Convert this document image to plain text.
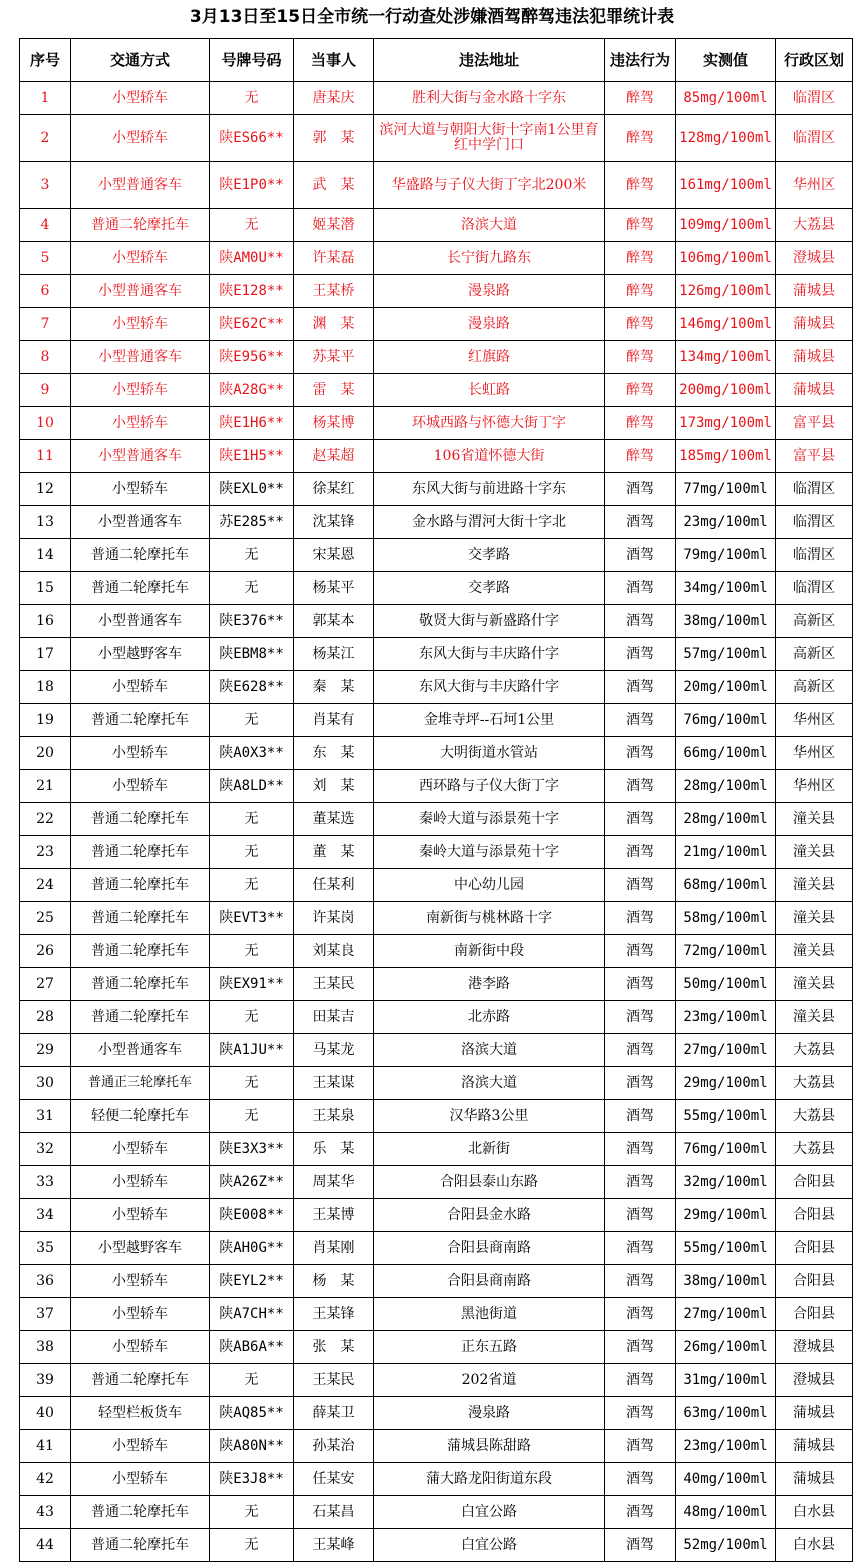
3月13日至15日全市统一行动查处涉嫌酒驾醉驾违法犯罪统计表
序号	交通方式	号牌号码	当事人	违法地址	违法行为	实测值	行政区划
1	小型轿车	无	唐某庆	胜利大街与金水路十字东	醉驾	85mg/100ml	临渭区
2	小型轿车	陕ES66**	郭　某	滨河大道与朝阳大街十字南1公里育红中学门口	醉驾	128mg/100ml	临渭区
3	小型普通客车	陕E1P0**	武　某	华盛路与子仪大街丁字北200米	醉驾	161mg/100ml	华州区
4	普通二轮摩托车	无	姬某潜	洛滨大道	醉驾	109mg/100ml	大荔县
5	小型轿车	陕AM0U**	许某磊	长宁街九路东	醉驾	106mg/100ml	澄城县
6	小型普通客车	陕E128**	王某桥	漫泉路	醉驾	126mg/100ml	蒲城县
7	小型轿车	陕E62C**	渊　某	漫泉路	醉驾	146mg/100ml	蒲城县
8	小型普通客车	陕E956**	苏某平	红旗路	醉驾	134mg/100ml	蒲城县
9	小型轿车	陕A28G**	雷　某	长虹路	醉驾	200mg/100ml	蒲城县
10	小型轿车	陕E1H6**	杨某博	环城西路与怀德大街丁字	醉驾	173mg/100ml	富平县
11	小型普通客车	陕E1H5**	赵某超	106省道怀德大街	醉驾	185mg/100ml	富平县
12	小型轿车	陕EXL0**	徐某红	东风大街与前进路十字东	酒驾	77mg/100ml	临渭区
13	小型普通客车	苏E285**	沈某锋	金水路与渭河大街十字北	酒驾	23mg/100ml	临渭区
14	普通二轮摩托车	无	宋某恩	交孝路	酒驾	79mg/100ml	临渭区
15	普通二轮摩托车	无	杨某平	交孝路	酒驾	34mg/100ml	临渭区
16	小型普通客车	陕E376**	郭某本	敬贤大街与新盛路什字	酒驾	38mg/100ml	高新区
17	小型越野客车	陕EBM8**	杨某江	东风大街与丰庆路什字	酒驾	57mg/100ml	高新区
18	小型轿车	陕E628**	秦　某	东风大街与丰庆路什字	酒驾	20mg/100ml	高新区
19	普通二轮摩托车	无	肖某有	金堆寺坪--石坷1公里	酒驾	76mg/100ml	华州区
20	小型轿车	陕A0X3**	东　某	大明街道水管站	酒驾	66mg/100ml	华州区
21	小型轿车	陕A8LD**	刘　某	西环路与子仪大街丁字	酒驾	28mg/100ml	华州区
22	普通二轮摩托车	无	董某选	秦岭大道与添景苑十字	酒驾	28mg/100ml	潼关县
23	普通二轮摩托车	无	董　某	秦岭大道与添景苑十字	酒驾	21mg/100ml	潼关县
24	普通二轮摩托车	无	任某利	中心幼儿园	酒驾	68mg/100ml	潼关县
25	普通二轮摩托车	陕EVT3**	许某岗	南新街与桃林路十字	酒驾	58mg/100ml	潼关县
26	普通二轮摩托车	无	刘某良	南新街中段	酒驾	72mg/100ml	潼关县
27	普通二轮摩托车	陕EX91**	王某民	港李路	酒驾	50mg/100ml	潼关县
28	普通二轮摩托车	无	田某吉	北赤路	酒驾	23mg/100ml	潼关县
29	小型普通客车	陕A1JU**	马某龙	洛滨大道	酒驾	27mg/100ml	大荔县
30	普通正三轮摩托车	无	王某谋	洛滨大道	酒驾	29mg/100ml	大荔县
31	轻便二轮摩托车	无	王某泉	汉华路3公里	酒驾	55mg/100ml	大荔县
32	小型轿车	陕E3X3**	乐　某	北新街	酒驾	76mg/100ml	大荔县
33	小型轿车	陕A26Z**	周某华	合阳县泰山东路	酒驾	32mg/100ml	合阳县
34	小型轿车	陕E008**	王某博	合阳县金水路	酒驾	29mg/100ml	合阳县
35	小型越野客车	陕AH0G**	肖某刚	合阳县商南路	酒驾	55mg/100ml	合阳县
36	小型轿车	陕EYL2**	杨　某	合阳县商南路	酒驾	38mg/100ml	合阳县
37	小型轿车	陕A7CH**	王某锋	黑池街道	酒驾	27mg/100ml	合阳县
38	小型轿车	陕AB6A**	张　某	正东五路	酒驾	26mg/100ml	澄城县
39	普通二轮摩托车	无	王某民	202省道	酒驾	31mg/100ml	澄城县
40	轻型栏板货车	陕AQ85**	薛某卫	漫泉路	酒驾	63mg/100ml	蒲城县
41	小型轿车	陕A80N**	孙某治	蒲城县陈甜路	酒驾	23mg/100ml	蒲城县
42	小型轿车	陕E3J8**	任某安	蒲大路龙阳街道东段	酒驾	40mg/100ml	蒲城县
43	普通二轮摩托车	无	石某昌	白宜公路	酒驾	48mg/100ml	白水县
44	普通二轮摩托车	无	王某峰	白宜公路	酒驾	52mg/100ml	白水县
